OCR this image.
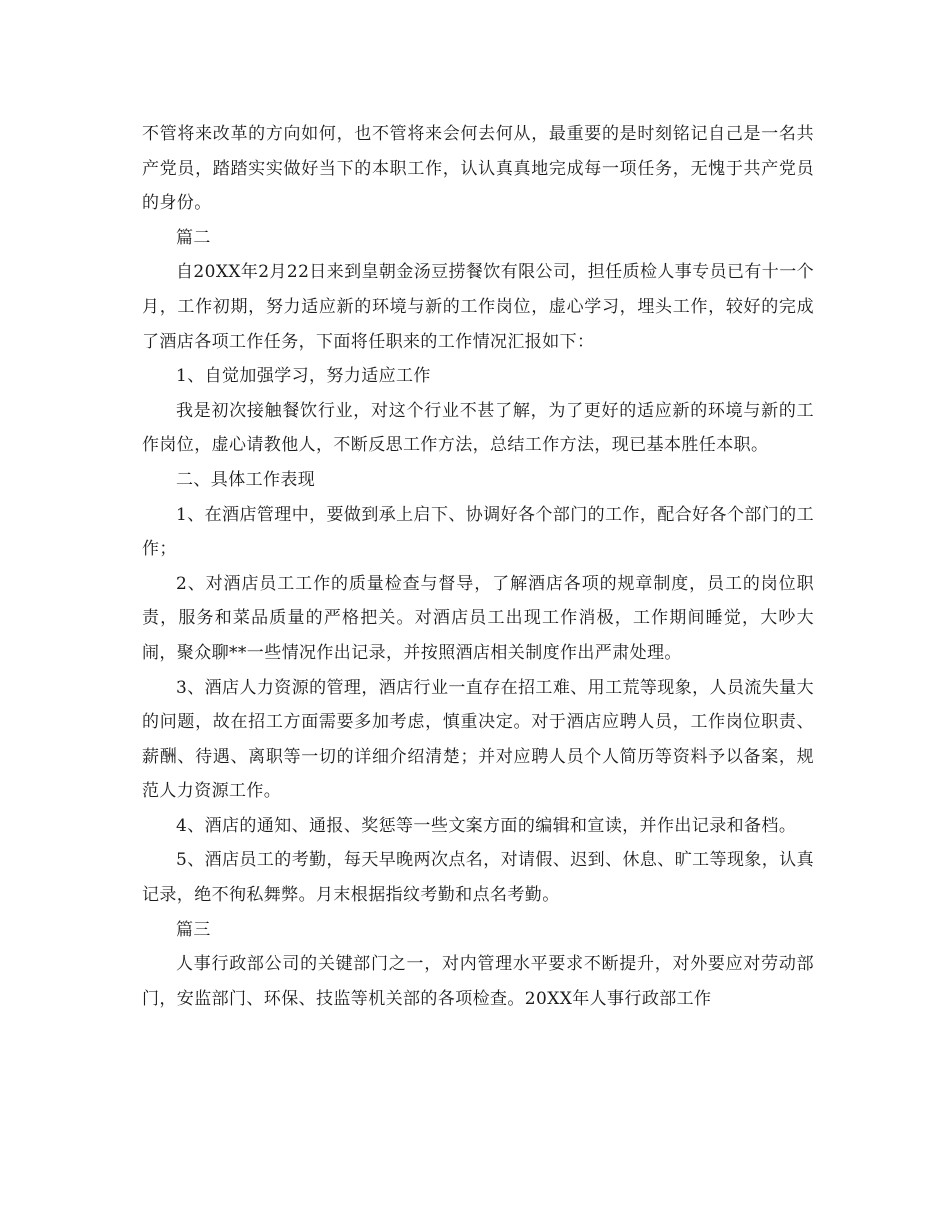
不管将来改革的方向如何，也不管将来会何去何从，最重要的是时刻铭记自己是一名共产党员，踏踏实实做好当下的本职工作，认认真真地完成每一项任务，无愧于共产党员的身份。

篇二

自20XX年2月22日来到皇朝金汤豆捞餐饮有限公司，担任质检人事专员已有十一个月，工作初期，努力适应新的环境与新的工作岗位，虚心学习，埋头工作，较好的完成了酒店各项工作任务，下面将任职来的工作情况汇报如下：

1、自觉加强学习，努力适应工作

我是初次接触餐饮行业，对这个行业不甚了解，为了更好的适应新的环境与新的工作岗位，虚心请教他人，不断反思工作方法，总结工作方法，现已基本胜任本职。

二、具体工作表现

1、在酒店管理中，要做到承上启下、协调好各个部门的工作，配合好各个部门的工作；

2、对酒店员工工作的质量检查与督导，了解酒店各项的规章制度，员工的岗位职责，服务和菜品质量的严格把关。对酒店员工出现工作消极，工作期间睡觉，大吵大闹，聚众聊**一些情况作出记录，并按照酒店相关制度作出严肃处理。

3、酒店人力资源的管理，酒店行业一直存在招工难、用工荒等现象，人员流失量大的问题，故在招工方面需要多加考虑，慎重决定。对于酒店应聘人员，工作岗位职责、薪酬、待遇、离职等一切的详细介绍清楚；并对应聘人员个人简历等资料予以备案，规范人力资源工作。

4、酒店的通知、通报、奖惩等一些文案方面的编辑和宣读，并作出记录和备档。

5、酒店员工的考勤，每天早晚两次点名，对请假、迟到、休息、旷工等现象，认真记录，绝不徇私舞弊。月末根据指纹考勤和点名考勤。

篇三

人事行政部公司的关键部门之一，对内管理水平要求不断提升，对外要应对劳动部门，安监部门、环保、技监等机关部的各项检查。20XX年人事行政部工作
